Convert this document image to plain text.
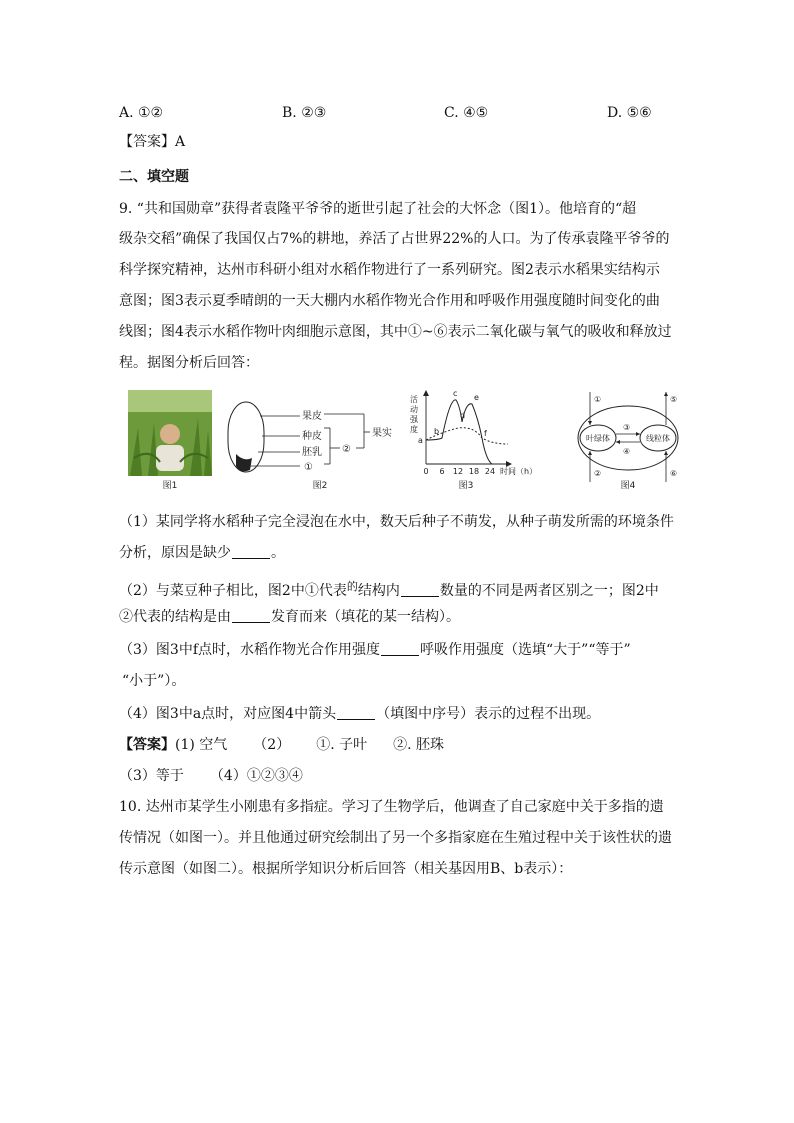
A. ①②	B. ②③	C. ④⑤	D. ⑤⑥
【答案】A
二、填空题
9. “共和国勋章”获得者袁隆平爷爷的逝世引起了社会的大怀念（图1）。他培育的“超
级杂交稻”确保了我国仅占7%的耕地，养活了占世界22%的人口。为了传承袁隆平爷爷的
科学探究精神，达州市科研小组对水稻作物进行了一系列研究。图2表示水稻果实结构示
意图；图3表示夏季晴朗的一天大棚内水稻作物光合作用和呼吸作用强度随时间变化的曲
线图；图4表示水稻作物叶肉细胞示意图，其中①~⑥表示二氧化碳与氧气的吸收和释放过
程。据图分析后回答：
图1
果皮
种皮
胚乳
①
②
果实
图2
活
动
强
度
a
b
c
d
e
f
0 6 12 18 24 时间（h）
图3
叶绿体	线粒体
①
②
③
④
⑤
⑥
图4
（1）某同学将水稻种子完全浸泡在水中，数天后种子不萌发，从种子萌发所需的环境条件
分析，原因是缺少	。
（2）与菜豆种子相比，图2中①代表$^的$结构内	数量的不同是两者区别之一；图2中
②代表的结构是由	发育而来（填花的某一结构）。
（3）图3中f点时，水稻作物光合作用强度	呼吸作用强度（选填“大于”“等于”
“小于”）。
（4）图3中a点时，对应图4中箭头	（填图中序号）表示的过程不出现。
【答案】(1) 空气 （2） ①. 子叶 ②. 胚珠
（3）等于 （4）①②③④
10. 达州市某学生小刚患有多指症。学习了生物学后，他调查了自己家庭中关于多指的遗
传情况（如图一）。并且他通过研究绘制出了另一个多指家庭在生殖过程中关于该性状的遗
传示意图（如图二）。根据所学知识分析后回答（相关基因用B、b表示）：
